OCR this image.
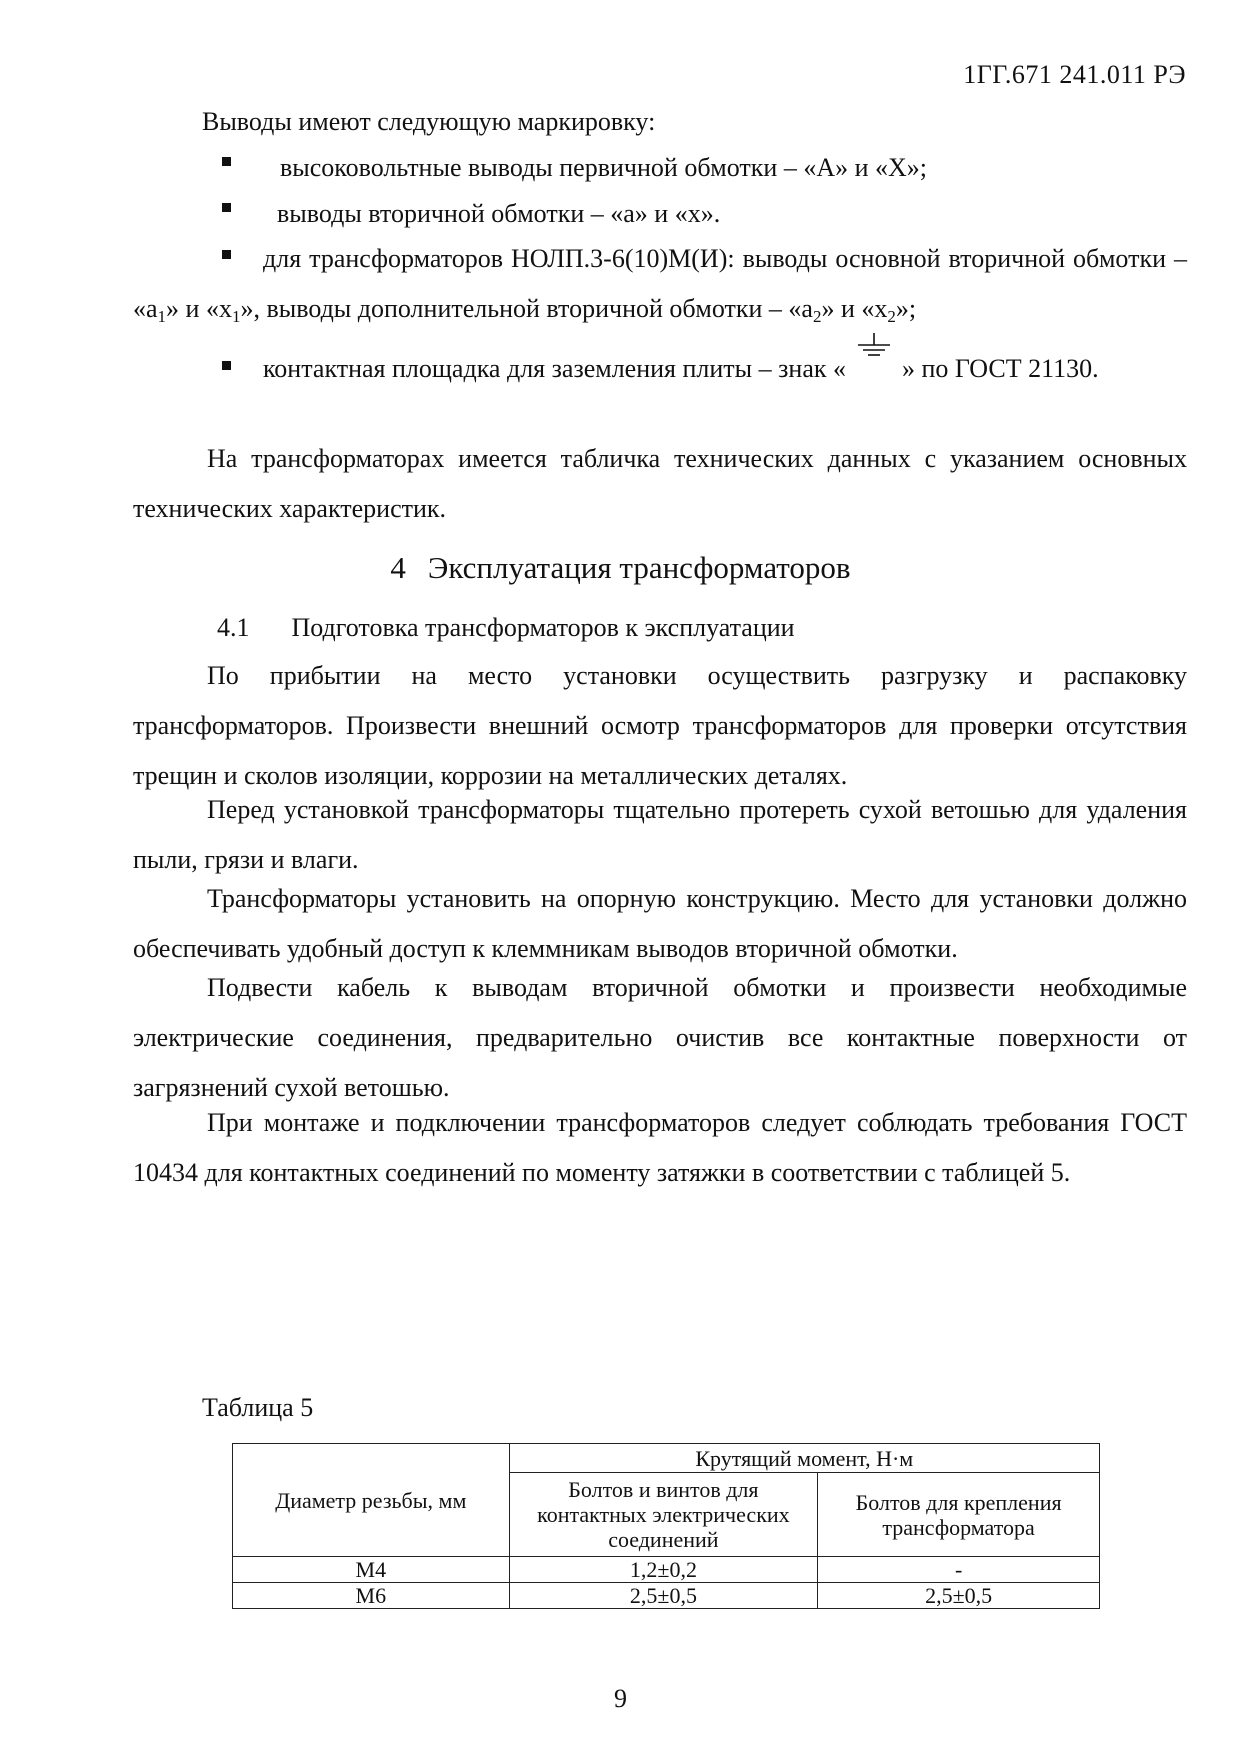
1ГГ.671 241.011 РЭ
Выводы имеют следующую маркировку:
высоковольтные выводы первичной обмотки – «А» и «Х»;
выводы вторичной обмотки – «а» и «х».
для трансформаторов НОЛП.3-6(10)М(И): выводы основной вторичной обмотки – «$а_1$» и «$х_1$», выводы дополнительной вторичной обмотки – «$а_2$» и «$х_2$»;
контактная площадка для заземления плиты – знак « » по ГОСТ 21130.
На трансформаторах имеется табличка технических данных с указанием основных технических характеристик.
4 Эксплуатация трансформаторов
4.1 Подготовка трансформаторов к эксплуатации
По прибытии на место установки осуществить разгрузку и распаковку трансформаторов. Произвести внешний осмотр трансформаторов для проверки отсутствия трещин и сколов изоляции, коррозии на металлических деталях.
Перед установкой трансформаторы тщательно протереть сухой ветошью для удаления пыли, грязи и влаги.
Трансформаторы установить на опорную конструкцию. Место для установки должно обеспечивать удобный доступ к клеммникам выводов вторичной обмотки.
Подвести кабель к выводам вторичной обмотки и произвести необходимые электрические соединения, предварительно очистив все контактные поверхности от загрязнений сухой ветошью.
При монтаже и подключении трансформаторов следует соблюдать требования ГОСТ 10434 для контактных соединений по моменту затяжки в соответствии с таблицей 5.
Таблица 5
Диаметр резьбы, мм	Крутящий момент, Н·м	
	Болтов и винтов для контактных электрических соединений	Болтов для крепления трансформатора
М4	1,2±0,2	-
М6	2,5±0,5	2,5±0,5
9
